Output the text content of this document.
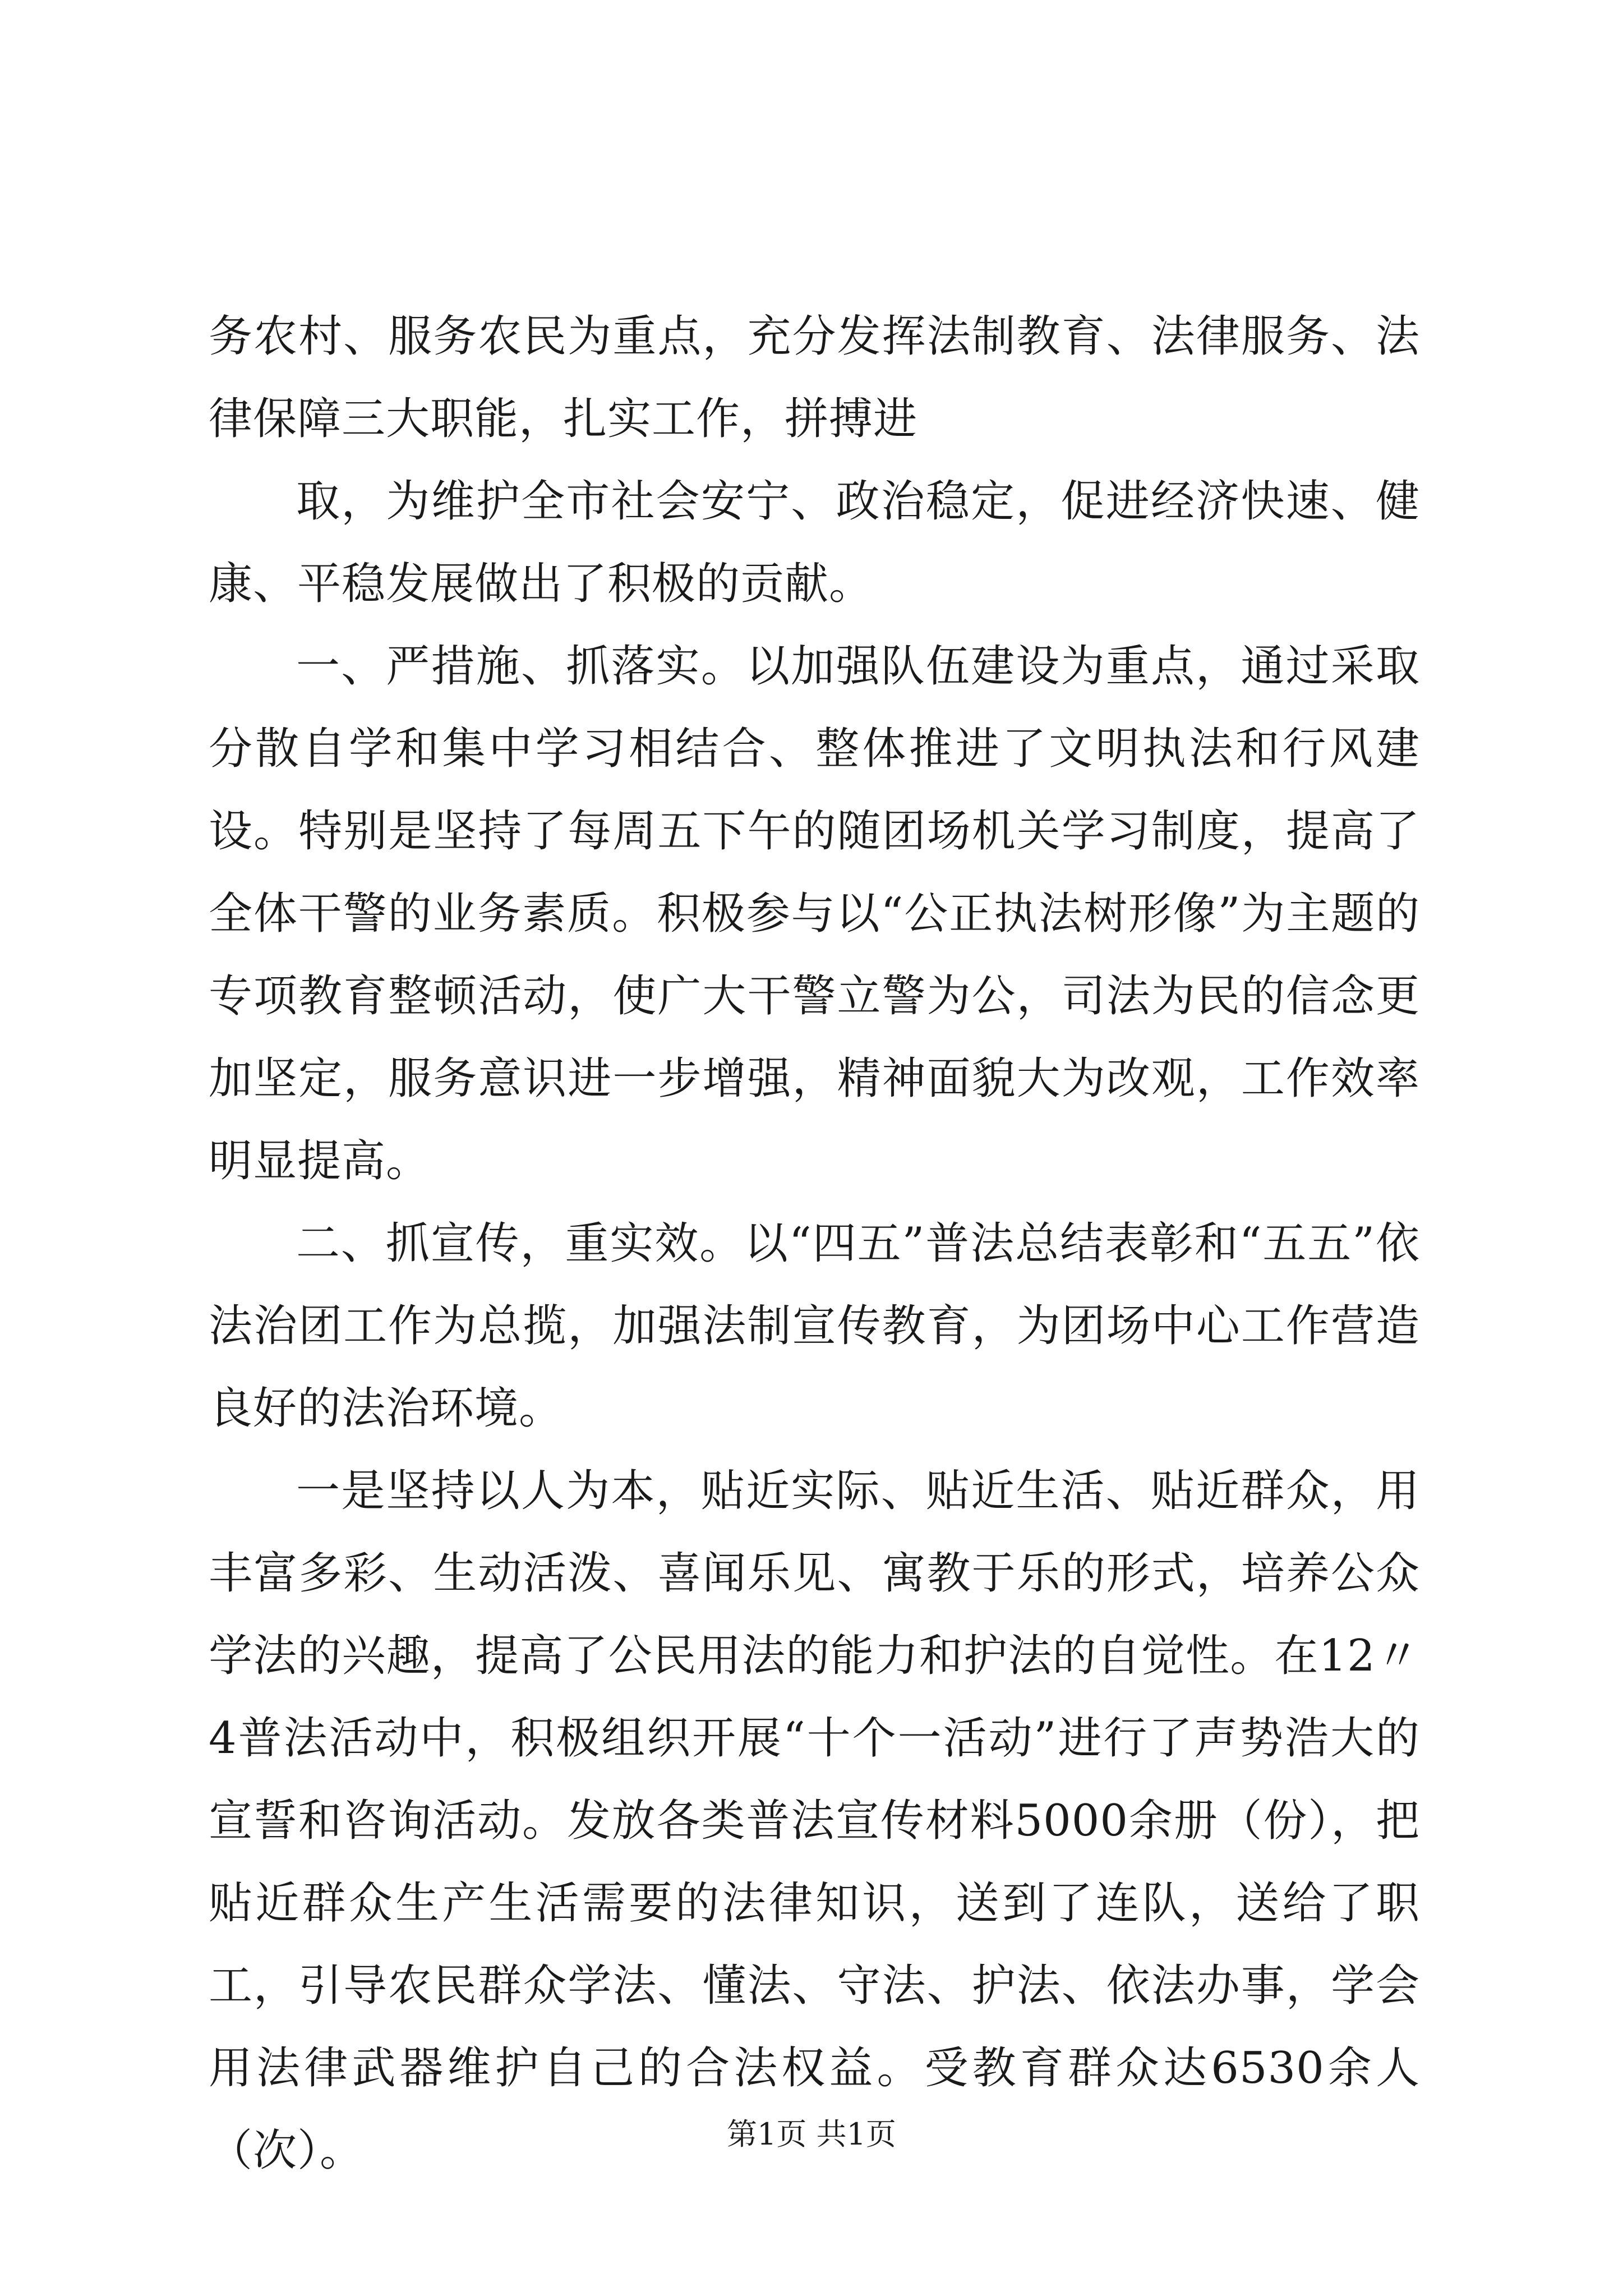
务农村、服务农民为重点，充分发挥法制教育、法律服务、法律保障三大职能，扎实工作，拼搏进

取，为维护全市社会安宁、政治稳定，促进经济快速、健康、平稳发展做出了积极的贡献。

一、严措施、抓落实。以加强队伍建设为重点，通过采取分散自学和集中学习相结合、整体推进了文明执法和行风建设。特别是坚持了每周五下午的随团场机关学习制度，提高了全体干警的业务素质。积极参与以“公正执法树形像”为主题的专项教育整顿活动，使广大干警立警为公，司法为民的信念更加坚定，服务意识进一步增强，精神面貌大为改观，工作效率明显提高。

二、抓宣传，重实效。以“四五”普法总结表彰和“五五”依法治团工作为总揽，加强法制宣传教育，为团场中心工作营造良好的法治环境。

一是坚持以人为本，贴近实际、贴近生活、贴近群众，用丰富多彩、生动活泼、喜闻乐见、寓教于乐的形式，培养公众学法的兴趣，提高了公民用法的能力和护法的自觉性。在12〃4普法活动中，积极组织开展“十个一活动”进行了声势浩大的宣誓和咨询活动。发放各类普法宣传材料5000余册（份），把贴近群众生产生活需要的法律知识，送到了连队，送给了职工，引导农民群众学法、懂法、守法、护法、依法办事，学会用法律武器维护自己的合法权益。受教育群众达6530余人（次）。	第1页 共1页
